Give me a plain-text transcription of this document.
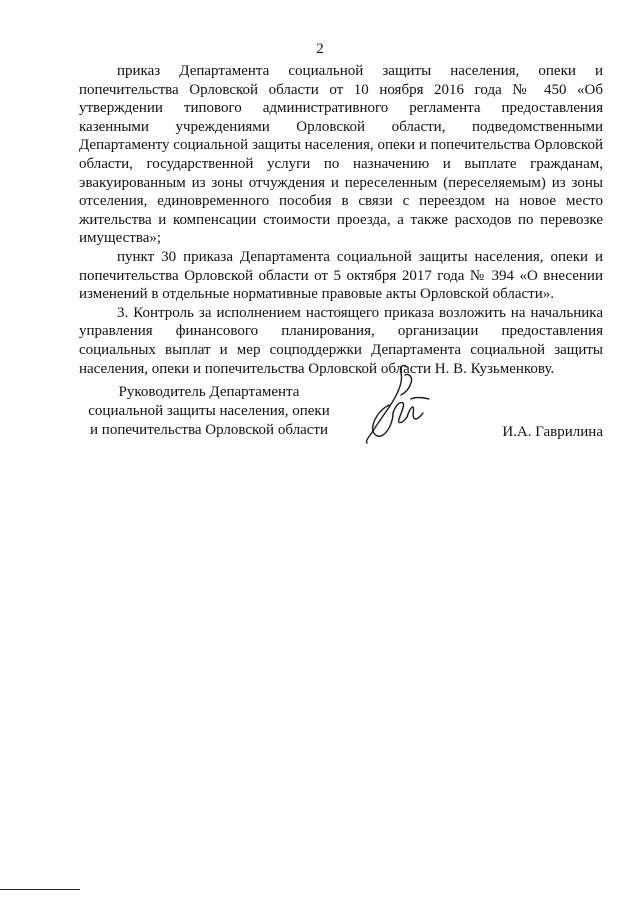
2

приказ Департамента социальной защиты населения, опеки и попечительства Орловской области от 10 ноября 2016 года № 450 «Об утверждении типового административного регламента предоставления казенными учреждениями Орловской области, подведомственными Департаменту социальной защиты населения, опеки и попечительства Орловской области, государственной услуги по назначению и выплате гражданам, эвакуированным из зоны отчуждения и переселенным (переселяемым) из зоны отселения, единовременного пособия в связи с переездом на новое место жительства и компенсации стоимости проезда, а также расходов по перевозке имущества»;

пункт 30 приказа Департамента социальной защиты населения, опеки и попечительства Орловской области от 5 октября 2017 года № 394 «О внесении изменений в отдельные нормативные правовые акты Орловской области».

3. Контроль за исполнением настоящего приказа возложить на начальника управления финансового планирования, организации предоставления социальных выплат и мер соцподдержки Департамента социальной защиты населения, опеки и попечительства Орловской области Н. В. Кузьменкову.

Руководитель Департамента
социальной защиты населения, опеки
и попечительства Орловской области	И.А. Гаврилина
